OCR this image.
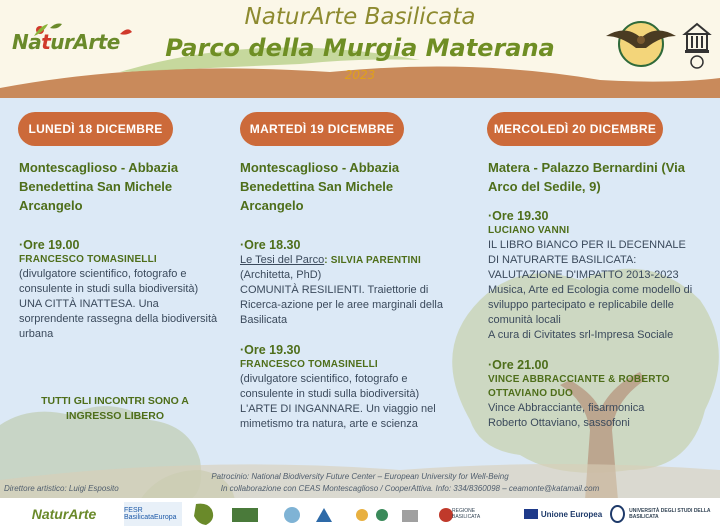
NaturArte
NaturArte Basilicata
Parco della Murgia Materana
2023
LUNEDÌ 18 DICEMBRE	MARTEDÌ 19 DICEMBRE	MERCOLEDÌ 20 DICEMBRE
Montescaglioso - Abbazia Benedettina San Michele Arcangelo
·Ore 19.00
FRANCESCO TOMASINELLI
(divulgatore scientifico, fotografo e consulente in studi sulla biodiversità)
UNA CITTÀ INATTESA. Una sorprendente rassegna della biodiversità urbana
Montescaglioso - Abbazia Benedettina San Michele Arcangelo
·Ore 18.30
Le Tesi del Parco: SILVIA PARENTINI
(Architetta, PhD)
COMUNITÀ RESILIENTI. Traiettorie di Ricerca-azione per le aree marginali della Basilicata
·Ore 19.30
FRANCESCO TOMASINELLI
(divulgatore scientifico, fotografo e consulente in studi sulla biodiversità)
L'ARTE DI INGANNARE. Un viaggio nel mimetismo tra natura, arte e scienza
Matera - Palazzo Bernardini (Via Arco del Sedile, 9)
·Ore 19.30
LUCIANO VANNI
IL LIBRO BIANCO PER IL DECENNALE DI NATURARTE BASILICATA: VALUTAZIONE D'IMPATTO 2013-2023
Musica, Arte ed Ecologia come modello di sviluppo partecipato e replicabile delle comunità locali
A cura di Civitates srl-Impresa Sociale
·Ore 21.00
VINCE ABBRACCIANTE & ROBERTO OTTAVIANO DUO
Vince Abbracciante, fisarmonica
Roberto Ottaviano, sassofoni
TUTTI GLI INCONTRI SONO A INGRESSO LIBERO
Direttore artistico: Luigi Esposito
Patrocinio: National Biodiversity Future Center – European University for Well-Being
In collaborazione con CEAS Montescaglioso / CooperAttiva. Info: 334/8360098 – ceamonte@katamail.com
NaturArte	FESR BasilicataEuropa
REGIONE BASILICATA	Unione Europea	UNIVERSITÀ DEGLI STUDI DELLA BASILICATA
